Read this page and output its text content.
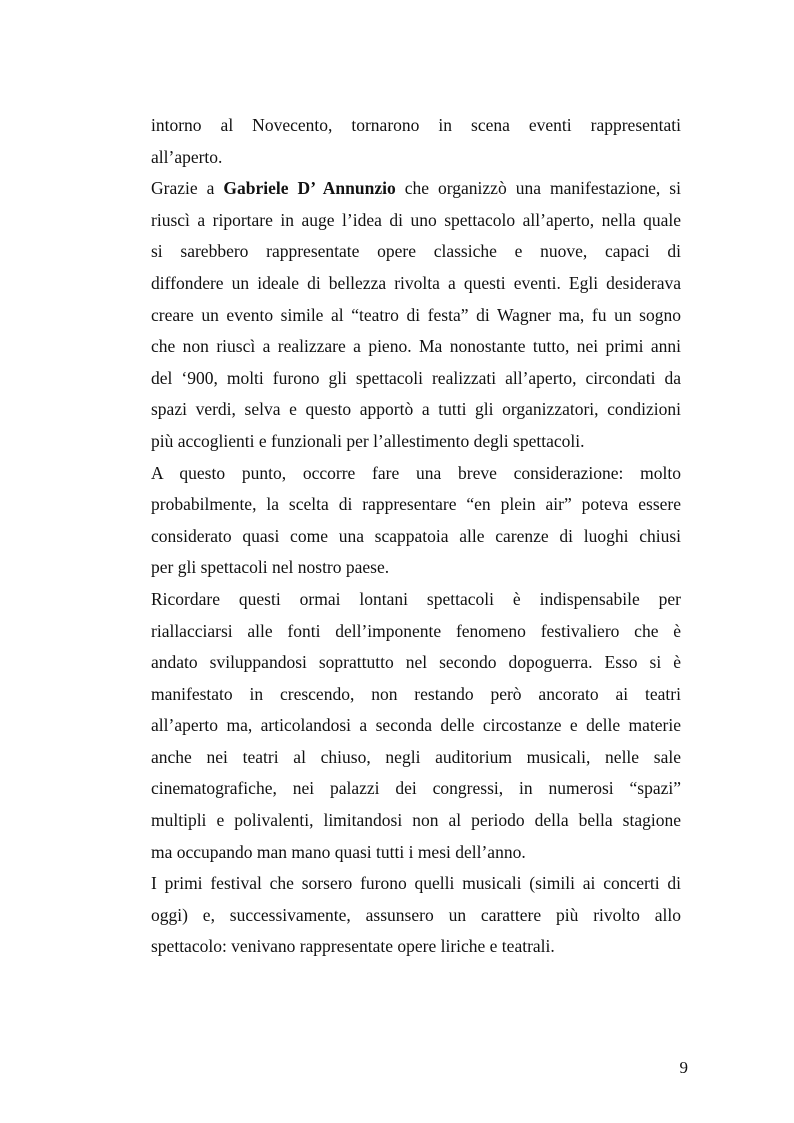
intorno al Novecento, tornarono in scena eventi rappresentati
all’aperto.

Grazie a Gabriele D’ Annunzio che organizzò una manifestazione, si
riuscì a riportare in auge l’idea di uno spettacolo all’aperto, nella quale
si sarebbero rappresentate opere classiche e nuove, capaci di
diffondere un ideale di bellezza rivolta a questi eventi. Egli desiderava
creare un evento simile al “teatro di festa” di Wagner ma, fu un sogno
che non riuscì a realizzare a pieno. Ma nonostante tutto, nei primi anni
del ‘900, molti furono gli spettacoli realizzati all’aperto, circondati da
spazi verdi, selva e questo apportò a tutti gli organizzatori, condizioni
più accoglienti e funzionali per l’allestimento degli spettacoli.

A questo punto, occorre fare una breve considerazione: molto
probabilmente, la scelta di rappresentare “en plein air” poteva essere
considerato quasi come una scappatoia alle carenze di luoghi chiusi
per gli spettacoli nel nostro paese.

Ricordare questi ormai lontani spettacoli è indispensabile per
riallacciarsi alle fonti dell’imponente fenomeno festivaliero che è
andato sviluppandosi soprattutto nel secondo dopoguerra. Esso si è
manifestato in crescendo, non restando però ancorato ai teatri
all’aperto ma, articolandosi a seconda delle circostanze e delle materie
anche nei teatri al chiuso, negli auditorium musicali, nelle sale
cinematografiche, nei palazzi dei congressi, in numerosi “spazi”
multipli e polivalenti, limitandosi non al periodo della bella stagione
ma occupando man mano quasi tutti i mesi dell’anno.

I primi festival che sorsero furono quelli musicali (simili ai concerti di
oggi) e, successivamente, assunsero un carattere più rivolto allo
spettacolo: venivano rappresentate opere liriche e teatrali.

9
